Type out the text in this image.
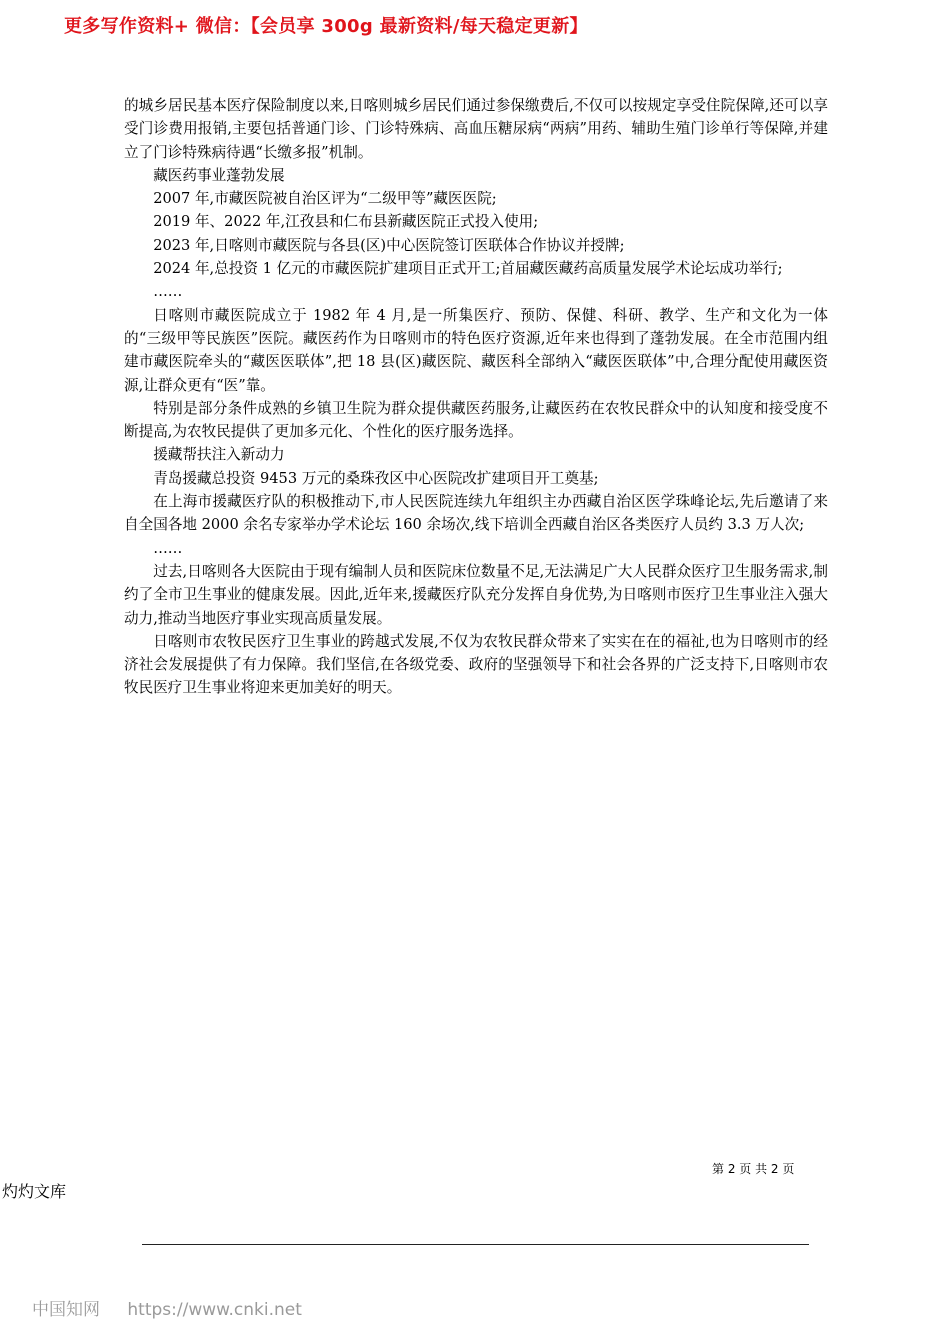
更多写作资料+ 微信：【会员享 300g 最新资料/每天稳定更新】

的城乡居民基本医疗保险制度以来,日喀则城乡居民们通过参保缴费后,不仅可以按规定享受住院保障,还可以享受门诊费用报销,主要包括普通门诊、门诊特殊病、高血压糖尿病“两病”用药、辅助生殖门诊单行等保障,并建立了门诊特殊病待遇“长缴多报”机制。

藏医药事业蓬勃发展

2007 年,市藏医院被自治区评为“二级甲等”藏医医院;

2019 年、2022 年,江孜县和仁布县新藏医院正式投入使用;

2023 年,日喀则市藏医院与各县(区)中心医院签订医联体合作协议并授牌;

2024 年,总投资 1 亿元的市藏医院扩建项目正式开工;首届藏医藏药高质量发展学术论坛成功举行;

……

日喀则市藏医院成立于 1982 年 4 月,是一所集医疗、预防、保健、科研、教学、生产和文化为一体的“三级甲等民族医”医院。藏医药作为日喀则市的特色医疗资源,近年来也得到了蓬勃发展。在全市范围内组建市藏医院牵头的“藏医医联体”,把 18 县(区)藏医院、藏医科全部纳入“藏医医联体”中,合理分配使用藏医资源,让群众更有“医”靠。

特别是部分条件成熟的乡镇卫生院为群众提供藏医药服务,让藏医药在农牧民群众中的认知度和接受度不断提高,为农牧民提供了更加多元化、个性化的医疗服务选择。

援藏帮扶注入新动力

青岛援藏总投资 9453 万元的桑珠孜区中心医院改扩建项目开工奠基;

在上海市援藏医疗队的积极推动下,市人民医院连续九年组织主办西藏自治区医学珠峰论坛,先后邀请了来自全国各地 2000 余名专家举办学术论坛 160 余场次,线下培训全西藏自治区各类医疗人员约 3.3 万人次;

……

过去,日喀则各大医院由于现有编制人员和医院床位数量不足,无法满足广大人民群众医疗卫生服务需求,制约了全市卫生事业的健康发展。因此,近年来,援藏医疗队充分发挥自身优势,为日喀则市医疗卫生事业注入强大动力,推动当地医疗事业实现高质量发展。

日喀则市农牧民医疗卫生事业的跨越式发展,不仅为农牧民群众带来了实实在在的福祉,也为日喀则市的经济社会发展提供了有力保障。我们坚信,在各级党委、政府的坚强领导下和社会各界的广泛支持下,日喀则市农牧民医疗卫生事业将迎来更加美好的明天。

第 2 页 共 2 页
灼灼文库
中国知网 https://www.cnki.net
